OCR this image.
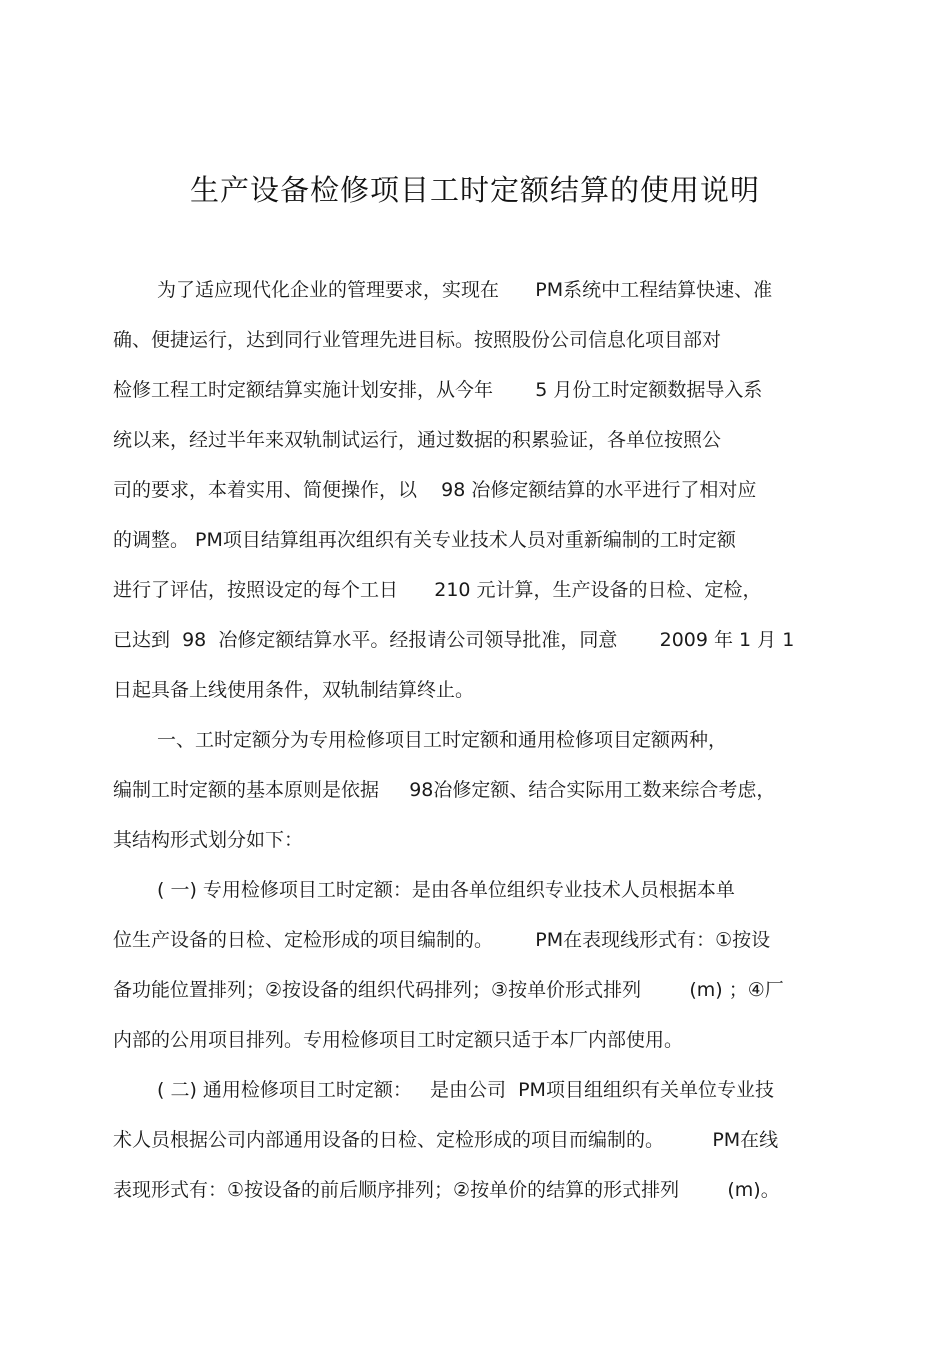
生产设备检修项目工时定额结算的使用说明
为了适应现代化企业的管理要求，实现在      PM系统中工程结算快速、准
确、便捷运行，达到同行业管理先进目标。按照股份公司信息化项目部对
检修工程工时定额结算实施计划安排，从今年       5 月份工时定额数据导入系
统以来，经过半年来双轨制试运行，通过数据的积累验证，各单位按照公
司的要求，本着实用、简便操作，以    98 冶修定额结算的水平进行了相对应
的调整。 PM项目结算组再次组织有关专业技术人员对重新编制的工时定额
进行了评估，按照设定的每个工日      210 元计算，生产设备的日检、定检，
已达到  98  冶修定额结算水平。经报请公司领导批准，同意       2009 年 1 月 1
日起具备上线使用条件，双轨制结算终止。
一、工时定额分为专用检修项目工时定额和通用检修项目定额两种，
编制工时定额的基本原则是依据     98冶修定额、结合实际用工数来综合考虑，
其结构形式划分如下：
( 一) 专用检修项目工时定额：是由各单位组织专业技术人员根据本单
位生产设备的日检、定检形成的项目编制的。       PM在表现线形式有：①按设
备功能位置排列；②按设备的组织代码排列；③按单价形式排列        (m) ；④厂
内部的公用项目排列。专用检修项目工时定额只适于本厂内部使用。
( 二) 通用检修项目工时定额：   是由公司  PM项目组组织有关单位专业技
术人员根据公司内部通用设备的日检、定检形成的项目而编制的。        PM在线
表现形式有：①按设备的前后顺序排列；②按单价的结算的形式排列        (m)。
